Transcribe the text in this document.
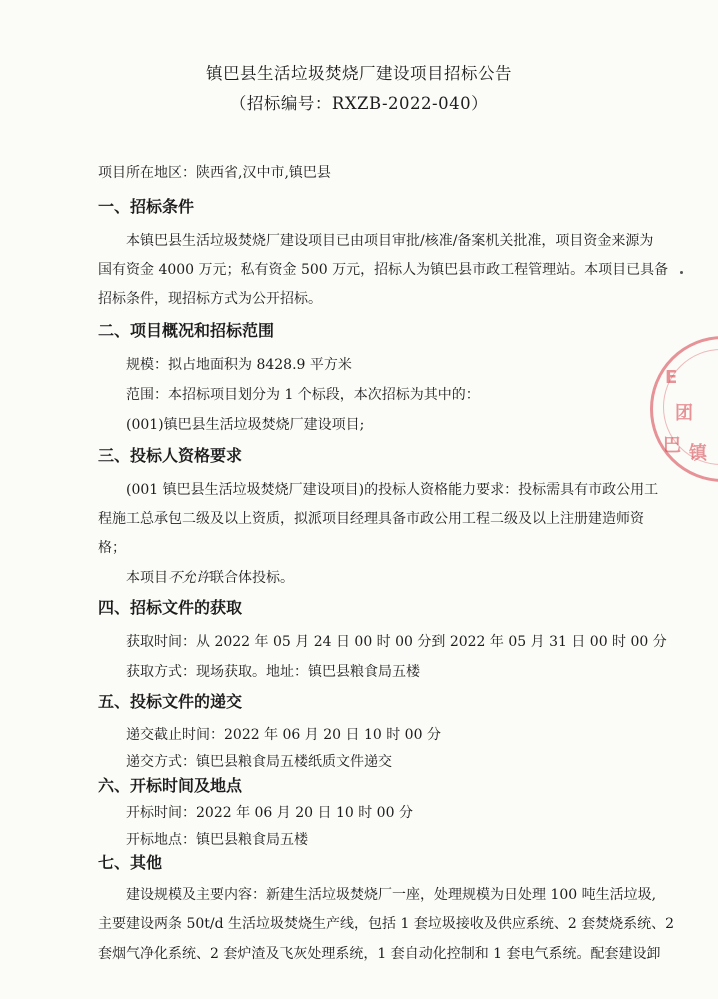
镇巴县生活垃圾焚烧厂建设项目招标公告
（招标编号：RXZB-2022-040）
项目所在地区：陕西省,汉中市,镇巴县
一、招标条件
本镇巴县生活垃圾焚烧厂建设项目已由项目审批/核准/备案机关批准，项目资金来源为
国有资金 4000 万元；私有资金 500 万元，招标人为镇巴县市政工程管理站。本项目已具备
招标条件，现招标方式为公开招标。
二、项目概况和招标范围
规模：拟占地面积为 8428.9 平方米
范围：本招标项目划分为 1 个标段，本次招标为其中的：
(001)镇巴县生活垃圾焚烧厂建设项目;
三、投标人资格要求
(001 镇巴县生活垃圾焚烧厂建设项目)的投标人资格能力要求：投标需具有市政公用工
程施工总承包二级及以上资质，拟派项目经理具备市政公用工程二级及以上注册建造师资
格；
本项目不允许联合体投标。
四、招标文件的获取
获取时间：从 2022 年 05 月 24 日 00 时 00 分到 2022 年 05 月 31 日 00 时 00 分
获取方式：现场获取。地址：镇巴县粮食局五楼
五、投标文件的递交
递交截止时间：2022 年 06 月 20 日 10 时 00 分
递交方式：镇巴县粮食局五楼纸质文件递交
六、开标时间及地点
开标时间：2022 年 06 月 20 日 10 时 00 分
开标地点：镇巴县粮食局五楼
七、其他
建设规模及主要内容：新建生活垃圾焚烧厂一座，处理规模为日处理 100 吨生活垃圾,
主要建设两条 50t/d 生活垃圾焚烧生产线，包括 1 套垃圾接收及供应系统、2 套焚烧系统、2
套烟气净化系统、2 套炉渣及飞灰处理系统，1 套自动化控制和 1 套电气系统。配套建设卸
E
团
巴 镇
